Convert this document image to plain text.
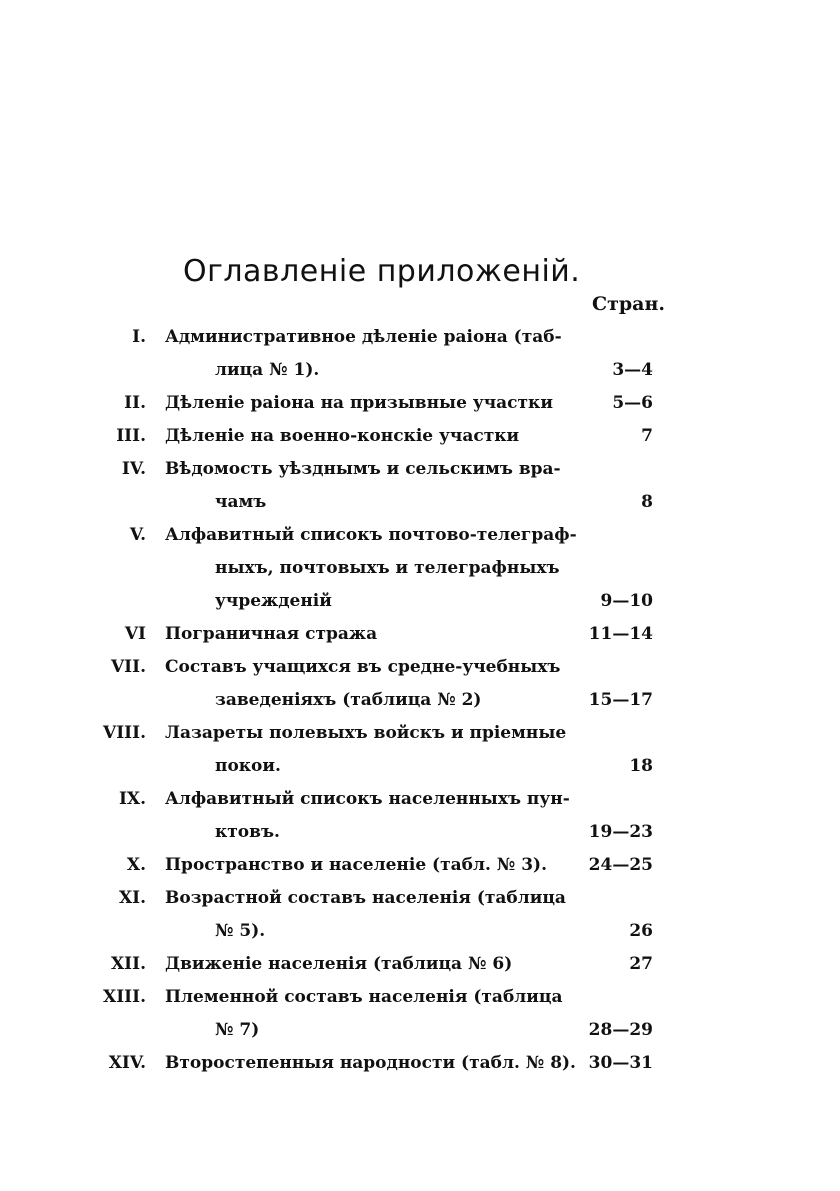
Оглавленіе приложеній.
Стран.
I. Административное дѣленіе раіона (таб-
лица № 1).	3—4
II. Дѣленіе раіона на призывные участки	5—6
III. Дѣленіе на военно-конскіе участки	7
IV. Вѣдомость уѣзднымъ и сельскимъ вра-
чамъ	8
V. Алфавитный списокъ почтово-телеграф-
ныхъ, почтовыхъ и телеграфныхъ
учрежденій	9—10
VI Пограничная стража	11—14
VII. Составъ учащихся въ средне-учебныхъ
заведеніяхъ (таблица № 2)	15—17
VIII. Лазареты полевыхъ войскъ и пріемные
покои.	18
IX. Алфавитный списокъ населенныхъ пун-
ктовъ.	19—23
X. Пространство и населеніе (табл. № 3).	24—25
XI. Возрастной составъ населенія (таблица
№ 5).	26
XII. Движеніе населенія (таблица № 6)	27
XIII. Племенной составъ населенія (таблица
№ 7)	28—29
XIV. Второстепенныя народности (табл. № 8). 30—31
